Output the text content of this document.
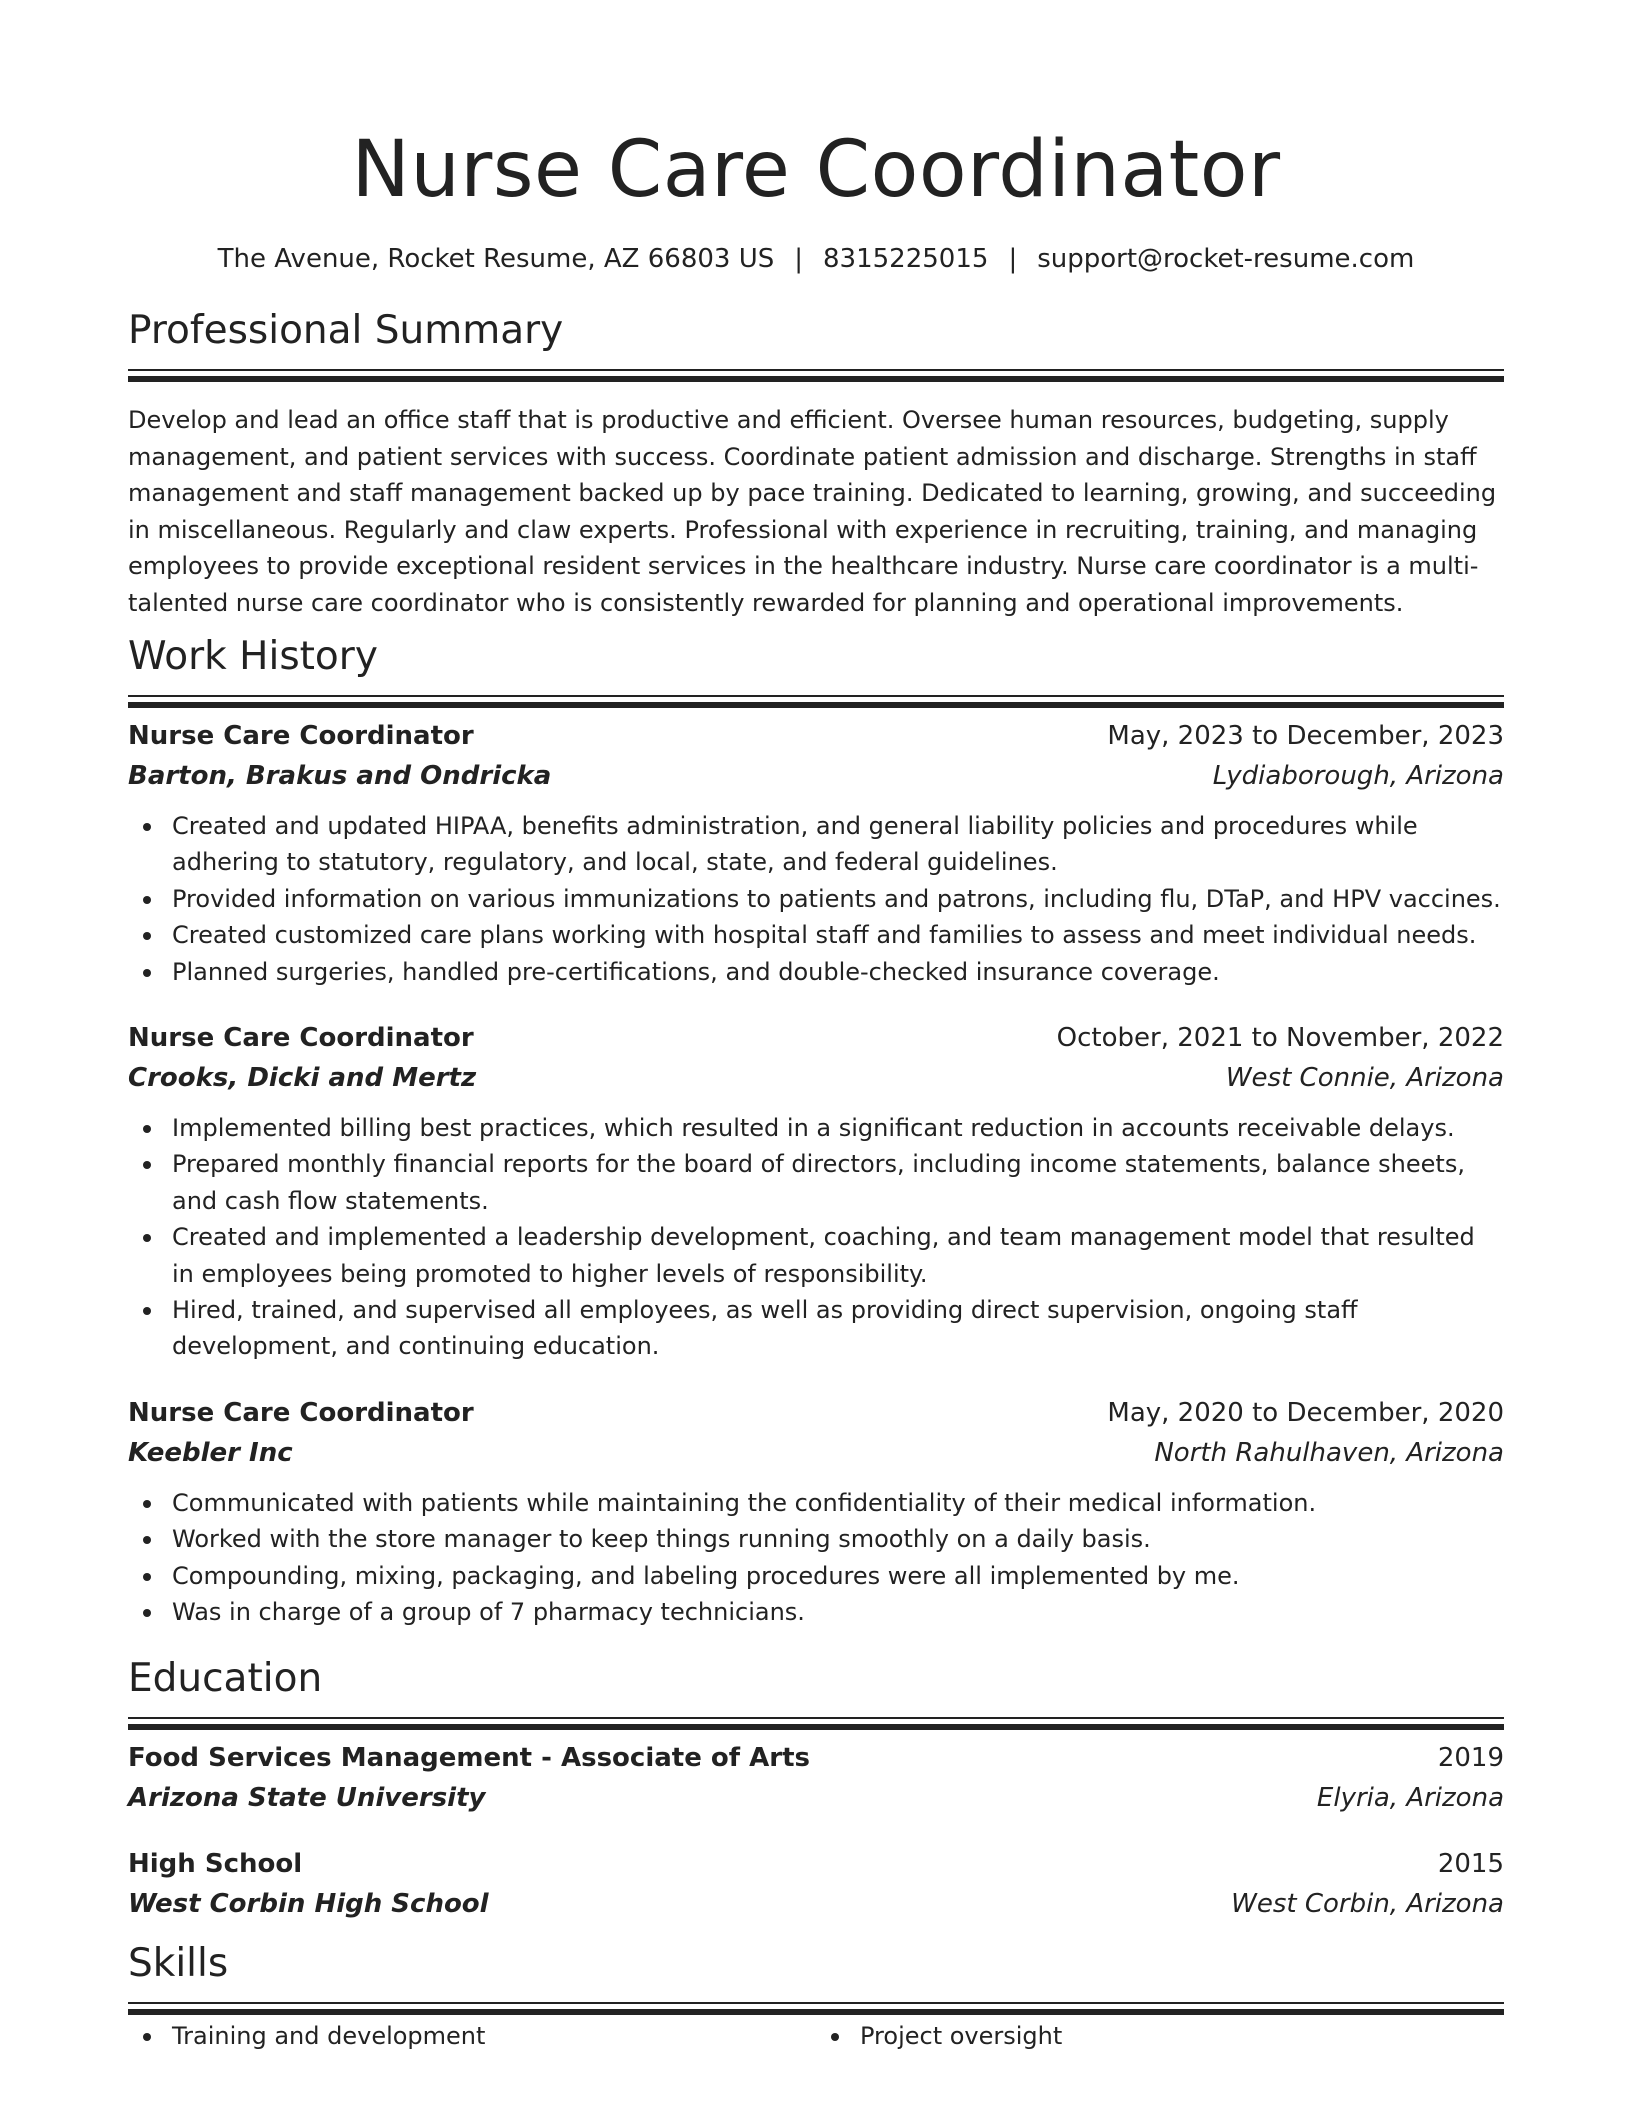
Nurse Care Coordinator
The Avenue, Rocket Resume, AZ 66803 US | 8315225015 | support@rocket-resume.com
Professional Summary

Develop and lead an office staff that is productive and efficient. Oversee human resources, budgeting, supply management, and patient services with success. Coordinate patient admission and discharge. Strengths in staff management and staff management backed up by pace training. Dedicated to learning, growing, and succeeding in miscellaneous. Regularly and claw experts. Professional with experience in recruiting, training, and managing employees to provide exceptional resident services in the healthcare industry. Nurse care coordinator is a multi-talented nurse care coordinator who is consistently rewarded for planning and operational improvements.

Work History
Nurse Care Coordinator	May, 2023 to December, 2023
Barton, Brakus and Ondricka	Lydiaborough, Arizona
Created and updated HIPAA, benefits administration, and general liability policies and procedures while adhering to statutory, regulatory, and local, state, and federal guidelines.
Provided information on various immunizations to patients and patrons, including flu, DTaP, and HPV vaccines.
Created customized care plans working with hospital staff and families to assess and meet individual needs.
Planned surgeries, handled pre-certifications, and double-checked insurance coverage.
Nurse Care Coordinator	October, 2021 to November, 2022
Crooks, Dicki and Mertz	West Connie, Arizona
Implemented billing best practices, which resulted in a significant reduction in accounts receivable delays.
Prepared monthly financial reports for the board of directors, including income statements, balance sheets, and cash flow statements.
Created and implemented a leadership development, coaching, and team management model that resulted in employees being promoted to higher levels of responsibility.
Hired, trained, and supervised all employees, as well as providing direct supervision, ongoing staff development, and continuing education.
Nurse Care Coordinator	May, 2020 to December, 2020
Keebler Inc	North Rahulhaven, Arizona
Communicated with patients while maintaining the confidentiality of their medical information.
Worked with the store manager to keep things running smoothly on a daily basis.
Compounding, mixing, packaging, and labeling procedures were all implemented by me.
Was in charge of a group of 7 pharmacy technicians.
Education
Food Services Management - Associate of Arts	2019
Arizona State University	Elyria, Arizona
High School	2015
West Corbin High School	West Corbin, Arizona
Skills
Training and development	Project oversight
